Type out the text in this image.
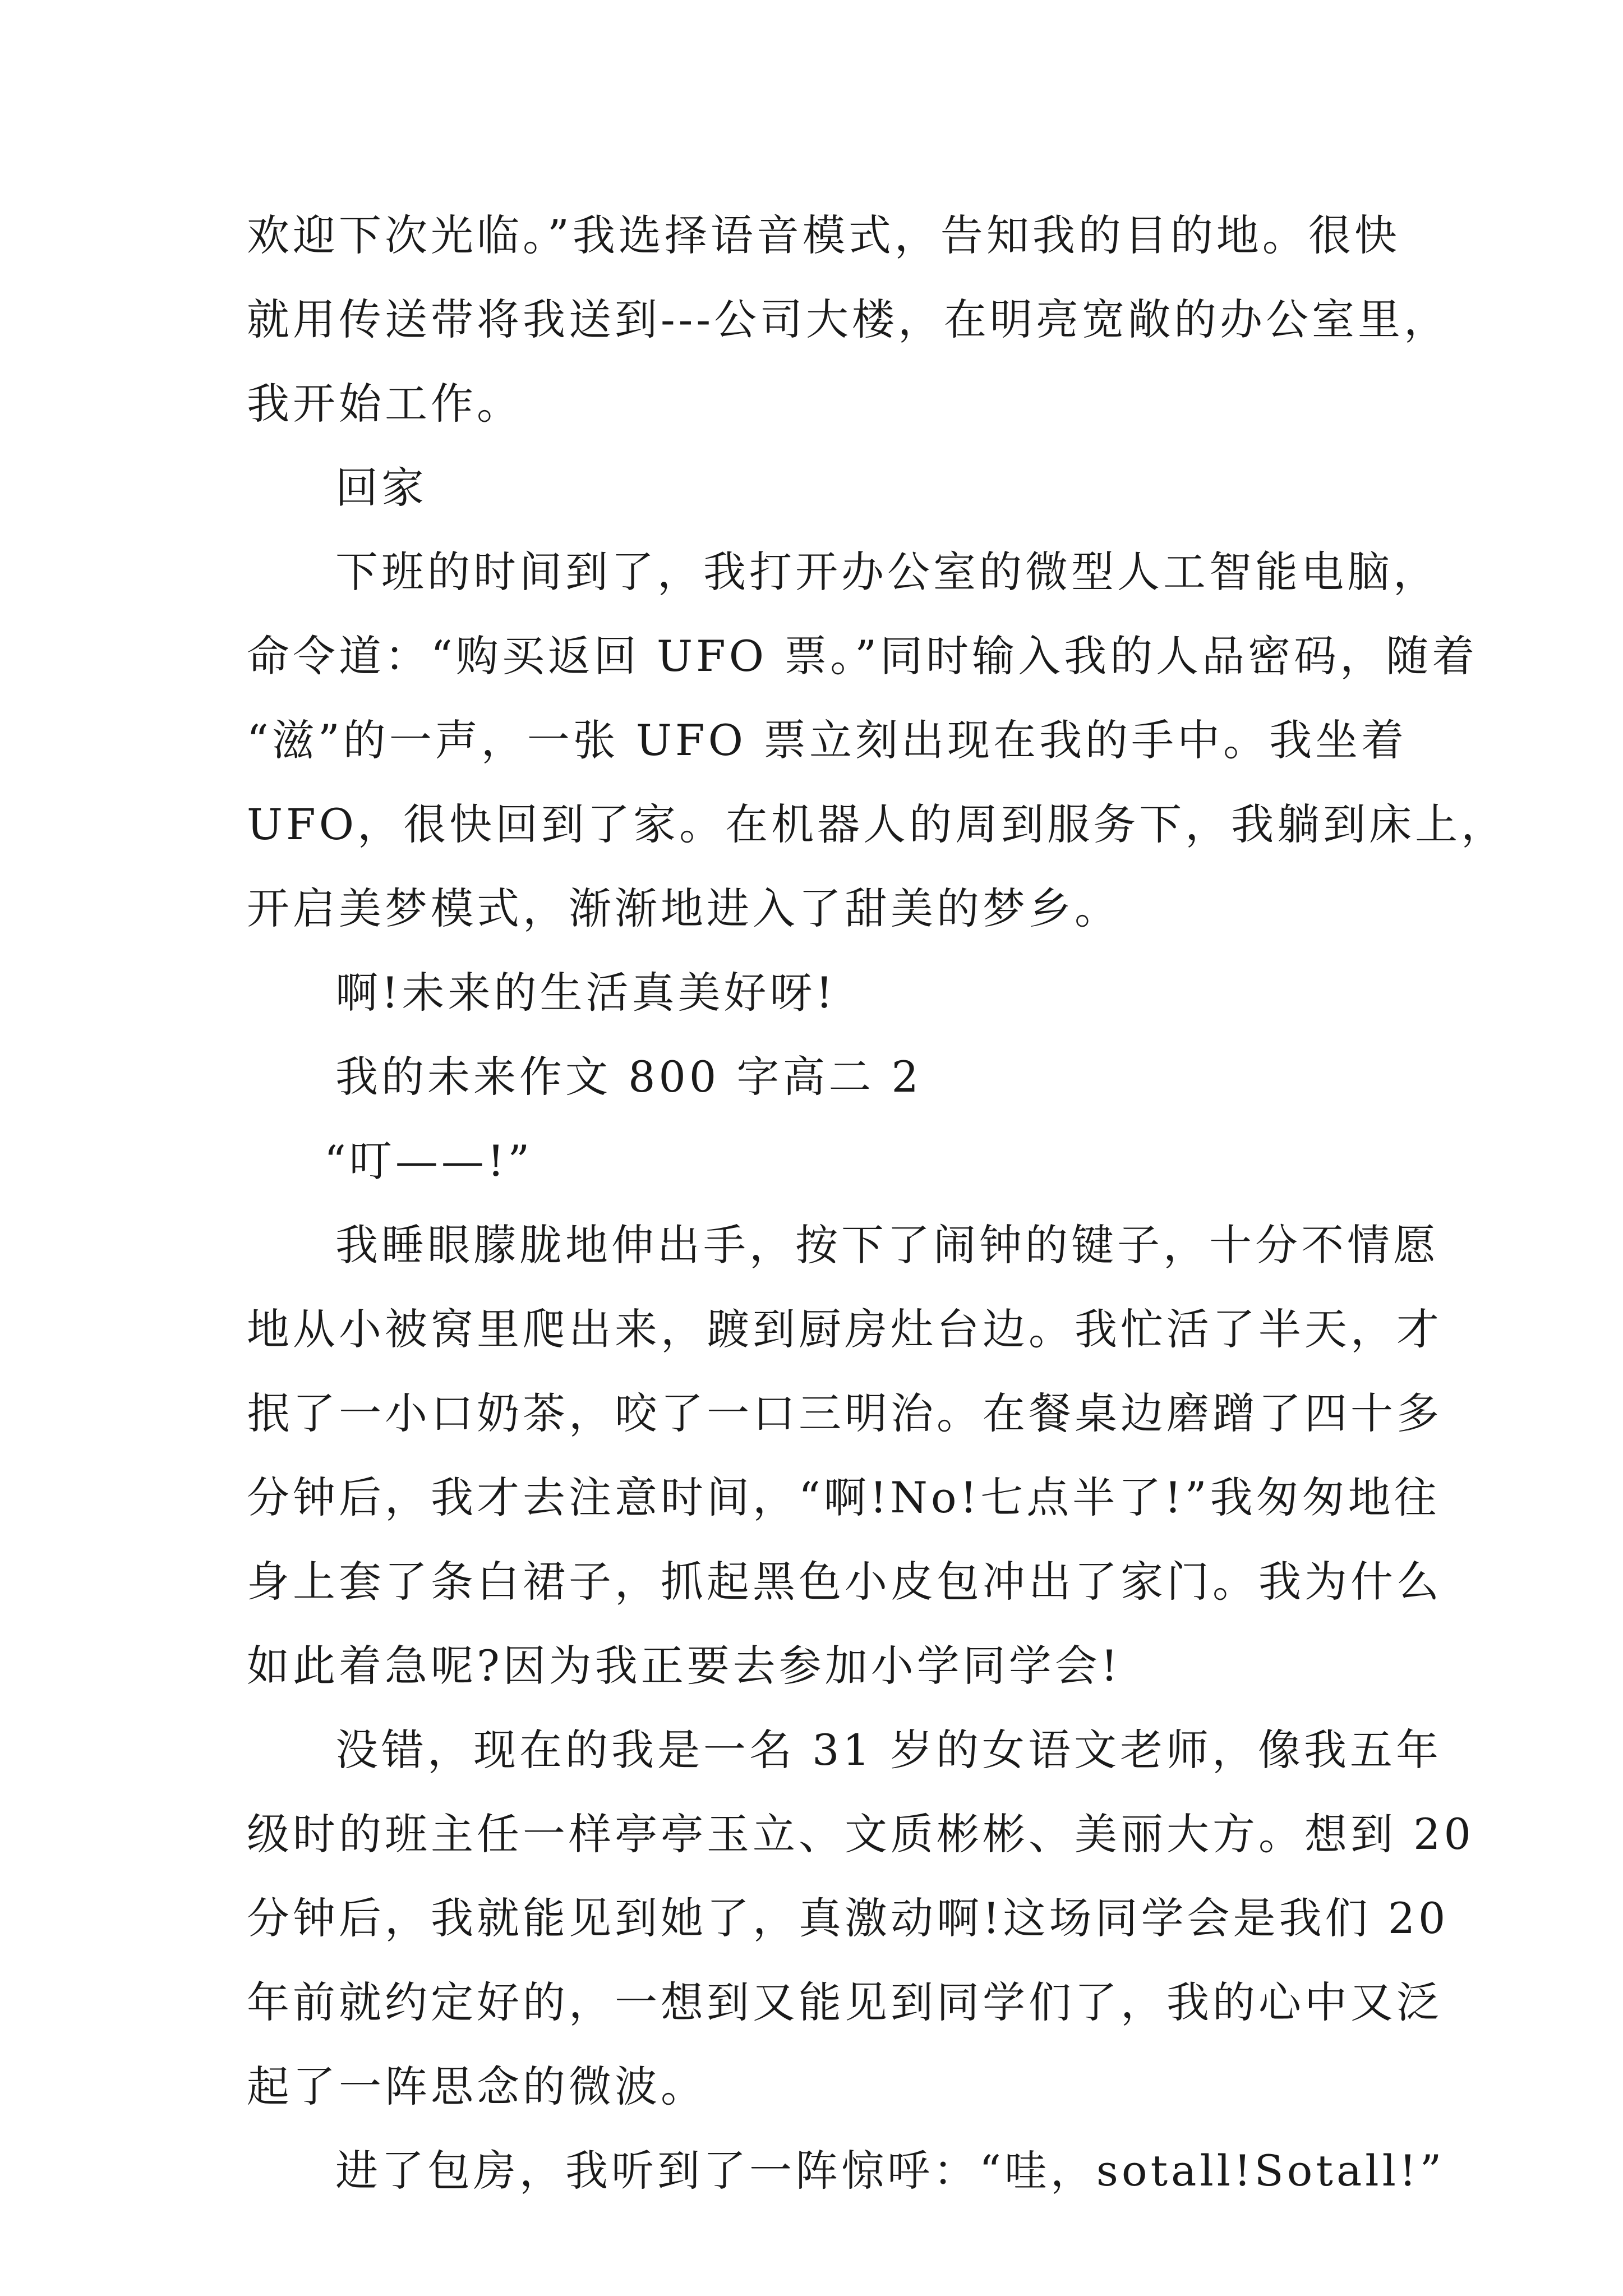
欢迎下次光临。”我选择语音模式，告知我的目的地。很快
就用传送带将我送到---公司大楼，在明亮宽敞的办公室里，
我开始工作。
回家
下班的时间到了，我打开办公室的微型人工智能电脑，
命令道：“购买返回 UFO 票。”同时输入我的人品密码，随着
“滋”的一声，一张 UFO 票立刻出现在我的手中。我坐着
UFO，很快回到了家。在机器人的周到服务下，我躺到床上，
开启美梦模式，渐渐地进入了甜美的梦乡。
啊!未来的生活真美好呀!
我的未来作文 800 字高二 2
“叮——!”
我睡眼朦胧地伸出手，按下了闹钟的键子，十分不情愿
地从小被窝里爬出来，踱到厨房灶台边。我忙活了半天，才
抿了一小口奶茶，咬了一口三明治。在餐桌边磨蹭了四十多
分钟后，我才去注意时间，“啊!No!七点半了!”我匆匆地往
身上套了条白裙子，抓起黑色小皮包冲出了家门。我为什么
如此着急呢?因为我正要去参加小学同学会!
没错，现在的我是一名 31 岁的女语文老师，像我五年
级时的班主任一样亭亭玉立、文质彬彬、美丽大方。想到 20
分钟后，我就能见到她了，真激动啊!这场同学会是我们 20
年前就约定好的，一想到又能见到同学们了，我的心中又泛
起了一阵思念的微波。
进了包房，我听到了一阵惊呼：“哇，sotall!Sotall!”
